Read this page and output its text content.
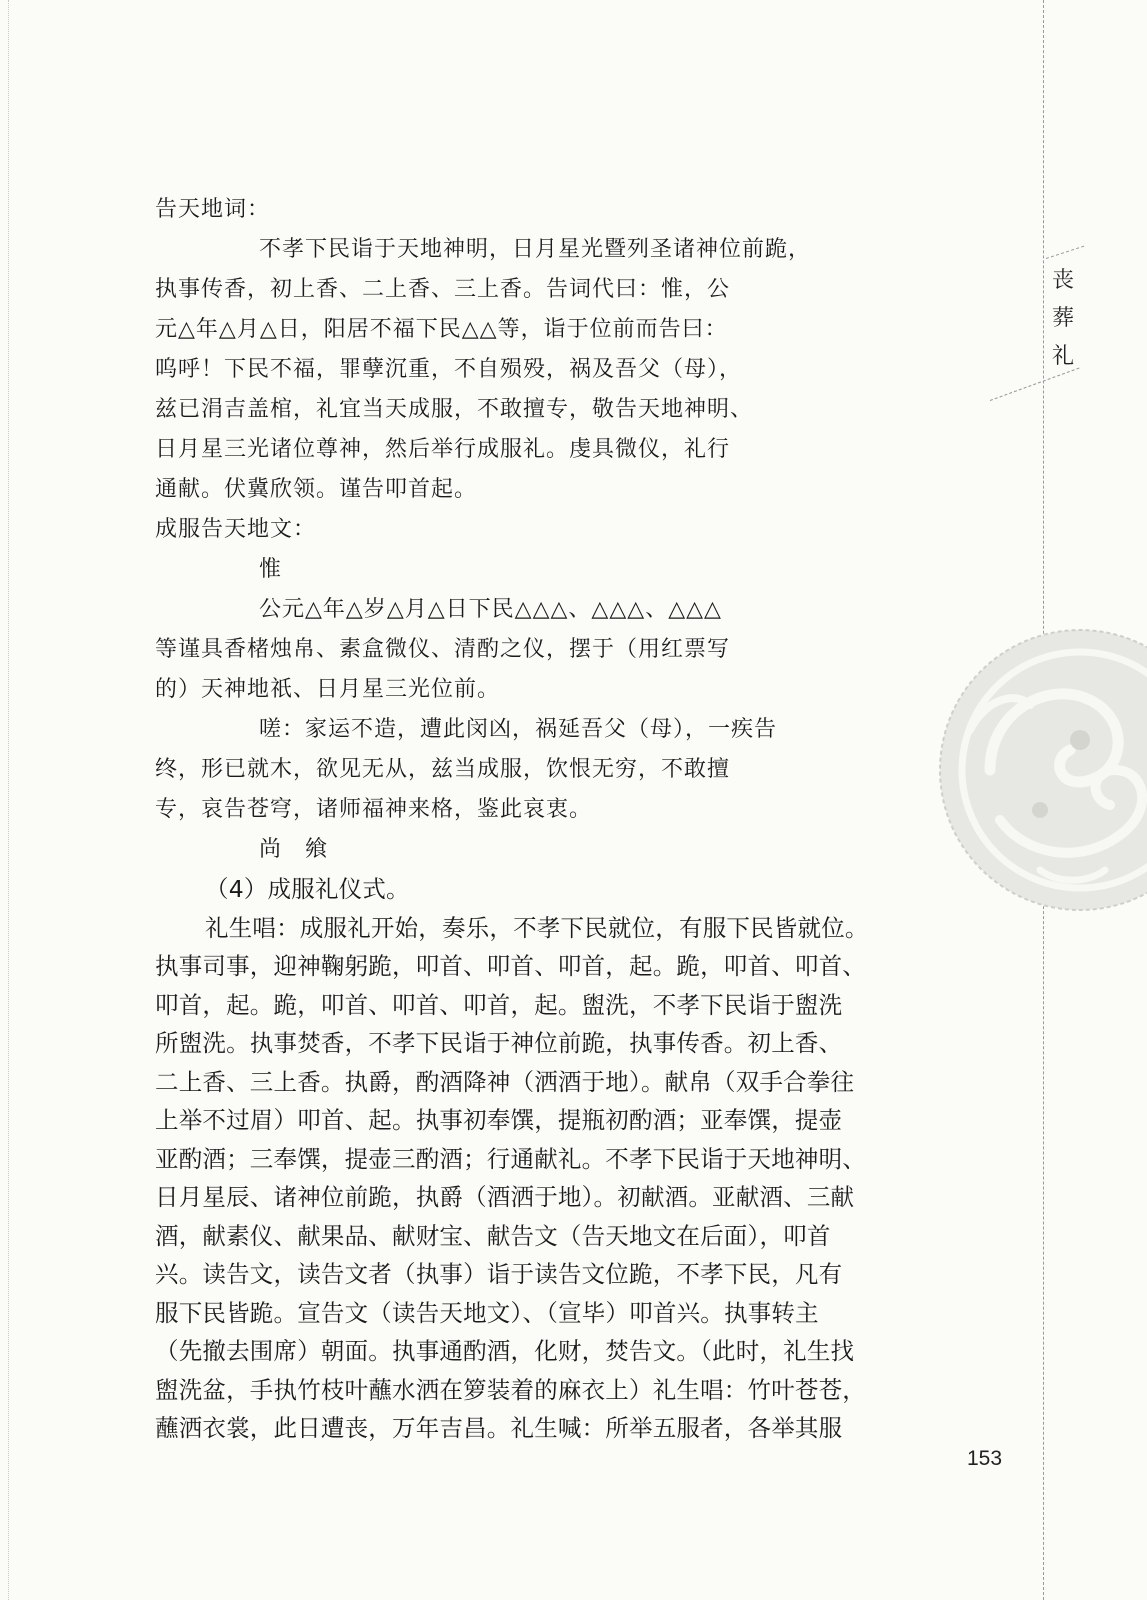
告天地词：
不孝下民诣于天地神明，日月星光暨列圣诸神位前跪，
执事传香，初上香、二上香、三上香。告词代曰：惟，公
元△年△月△日，阳居不福下民△△等，诣于位前而告曰：
呜呼！下民不福，罪孽沉重，不自殒殁，祸及吾父（母），
兹已涓吉盖棺，礼宜当天成服，不敢擅专，敬告天地神明、
日月星三光诸位尊神，然后举行成服礼。虔具微仪，礼行
通献。伏冀欣领。谨告叩首起。
成服告天地文：
惟
公元△年△岁△月△日下民△△△、△△△、△△△
等谨具香楮烛帛、素盒微仪、清酌之仪，摆于（用红票写
的）天神地祇、日月星三光位前。
嗟：家运不造，遭此闵凶，祸延吾父（母），一疾告
终，形已就木，欲见无从，兹当成服，饮恨无穷，不敢擅
专，哀告苍穹，诸师福神来格，鉴此哀衷。
尚　飨
（4）成服礼仪式。
礼生唱：成服礼开始，奏乐，不孝下民就位，有服下民皆就位。
执事司事，迎神鞠躬跪，叩首、叩首、叩首，起。跪，叩首、叩首、
叩首，起。跪，叩首、叩首、叩首，起。盥洗，不孝下民诣于盥洗
所盥洗。执事焚香，不孝下民诣于神位前跪，执事传香。初上香、
二上香、三上香。执爵，酌酒降神（洒酒于地）。献帛（双手合拳往
上举不过眉）叩首、起。执事初奉馔，提瓶初酌酒；亚奉馔，提壶
亚酌酒；三奉馔，提壶三酌酒；行通献礼。不孝下民诣于天地神明、
日月星辰、诸神位前跪，执爵（酒洒于地）。初献酒。亚献酒、三献
酒，献素仪、献果品、献财宝、献告文（告天地文在后面），叩首
兴。读告文，读告文者（执事）诣于读告文位跪，不孝下民，凡有
服下民皆跪。宣告文（读告天地文）、（宣毕）叩首兴。执事转主
（先撤去围席）朝面。执事通酌酒，化财，焚告文。（此时，礼生找
盥洗盆，手执竹枝叶蘸水洒在箩装着的麻衣上）礼生唱：竹叶苍苍，
蘸洒衣裳，此日遭丧，万年吉昌。礼生喊：所举五服者，各举其服
丧
葬
礼
153
